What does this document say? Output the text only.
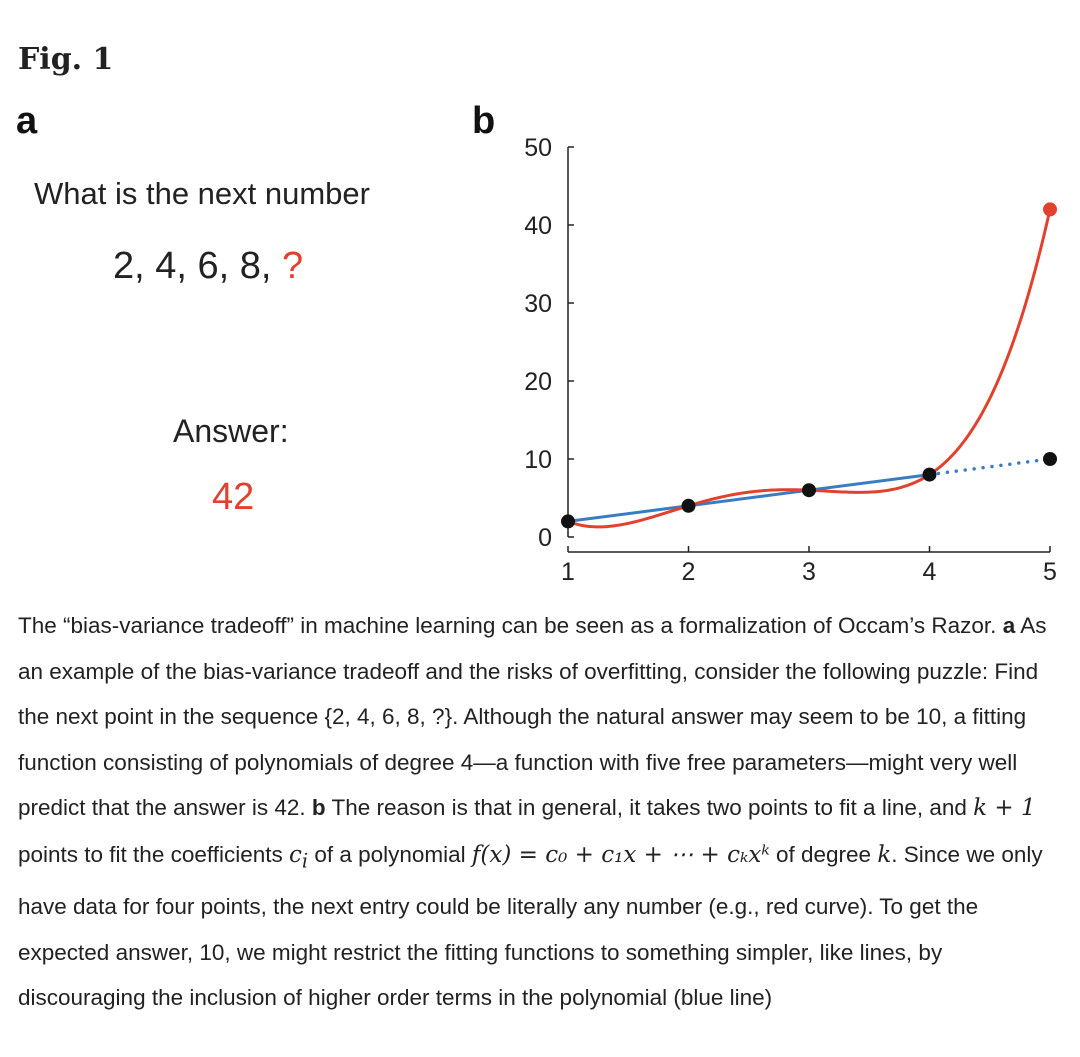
Fig. 1
a	b
What is the next number
2, 4, 6, 8, ?
Answer:
42
0
10
20
30
40
50
1	2	3	4	5
The “bias-variance tradeoff” in machine learning can be seen as a formalization of Occam’s Razor. a As an example of the bias-variance tradeoff and the risks of overfitting, consider the following puzzle: Find the next point in the sequence {2, 4, 6, 8, ?}. Although the natural answer may seem to be 10, a fitting function consisting of polynomials of degree 4—a function with five free parameters—might very well predict that the answer is 42. b The reason is that in general, it takes two points to fit a line, and k + 1 points to fit the coefficients $c_i$ of a polynomial f(x) = c₀ + c₁x + ⋯ + cₖxᵏ of degree k. Since we only have data for four points, the next entry could be literally any number (e.g., red curve). To get the expected answer, 10, we might restrict the fitting functions to something simpler, like lines, by discouraging the inclusion of higher order terms in the polynomial (blue line)
